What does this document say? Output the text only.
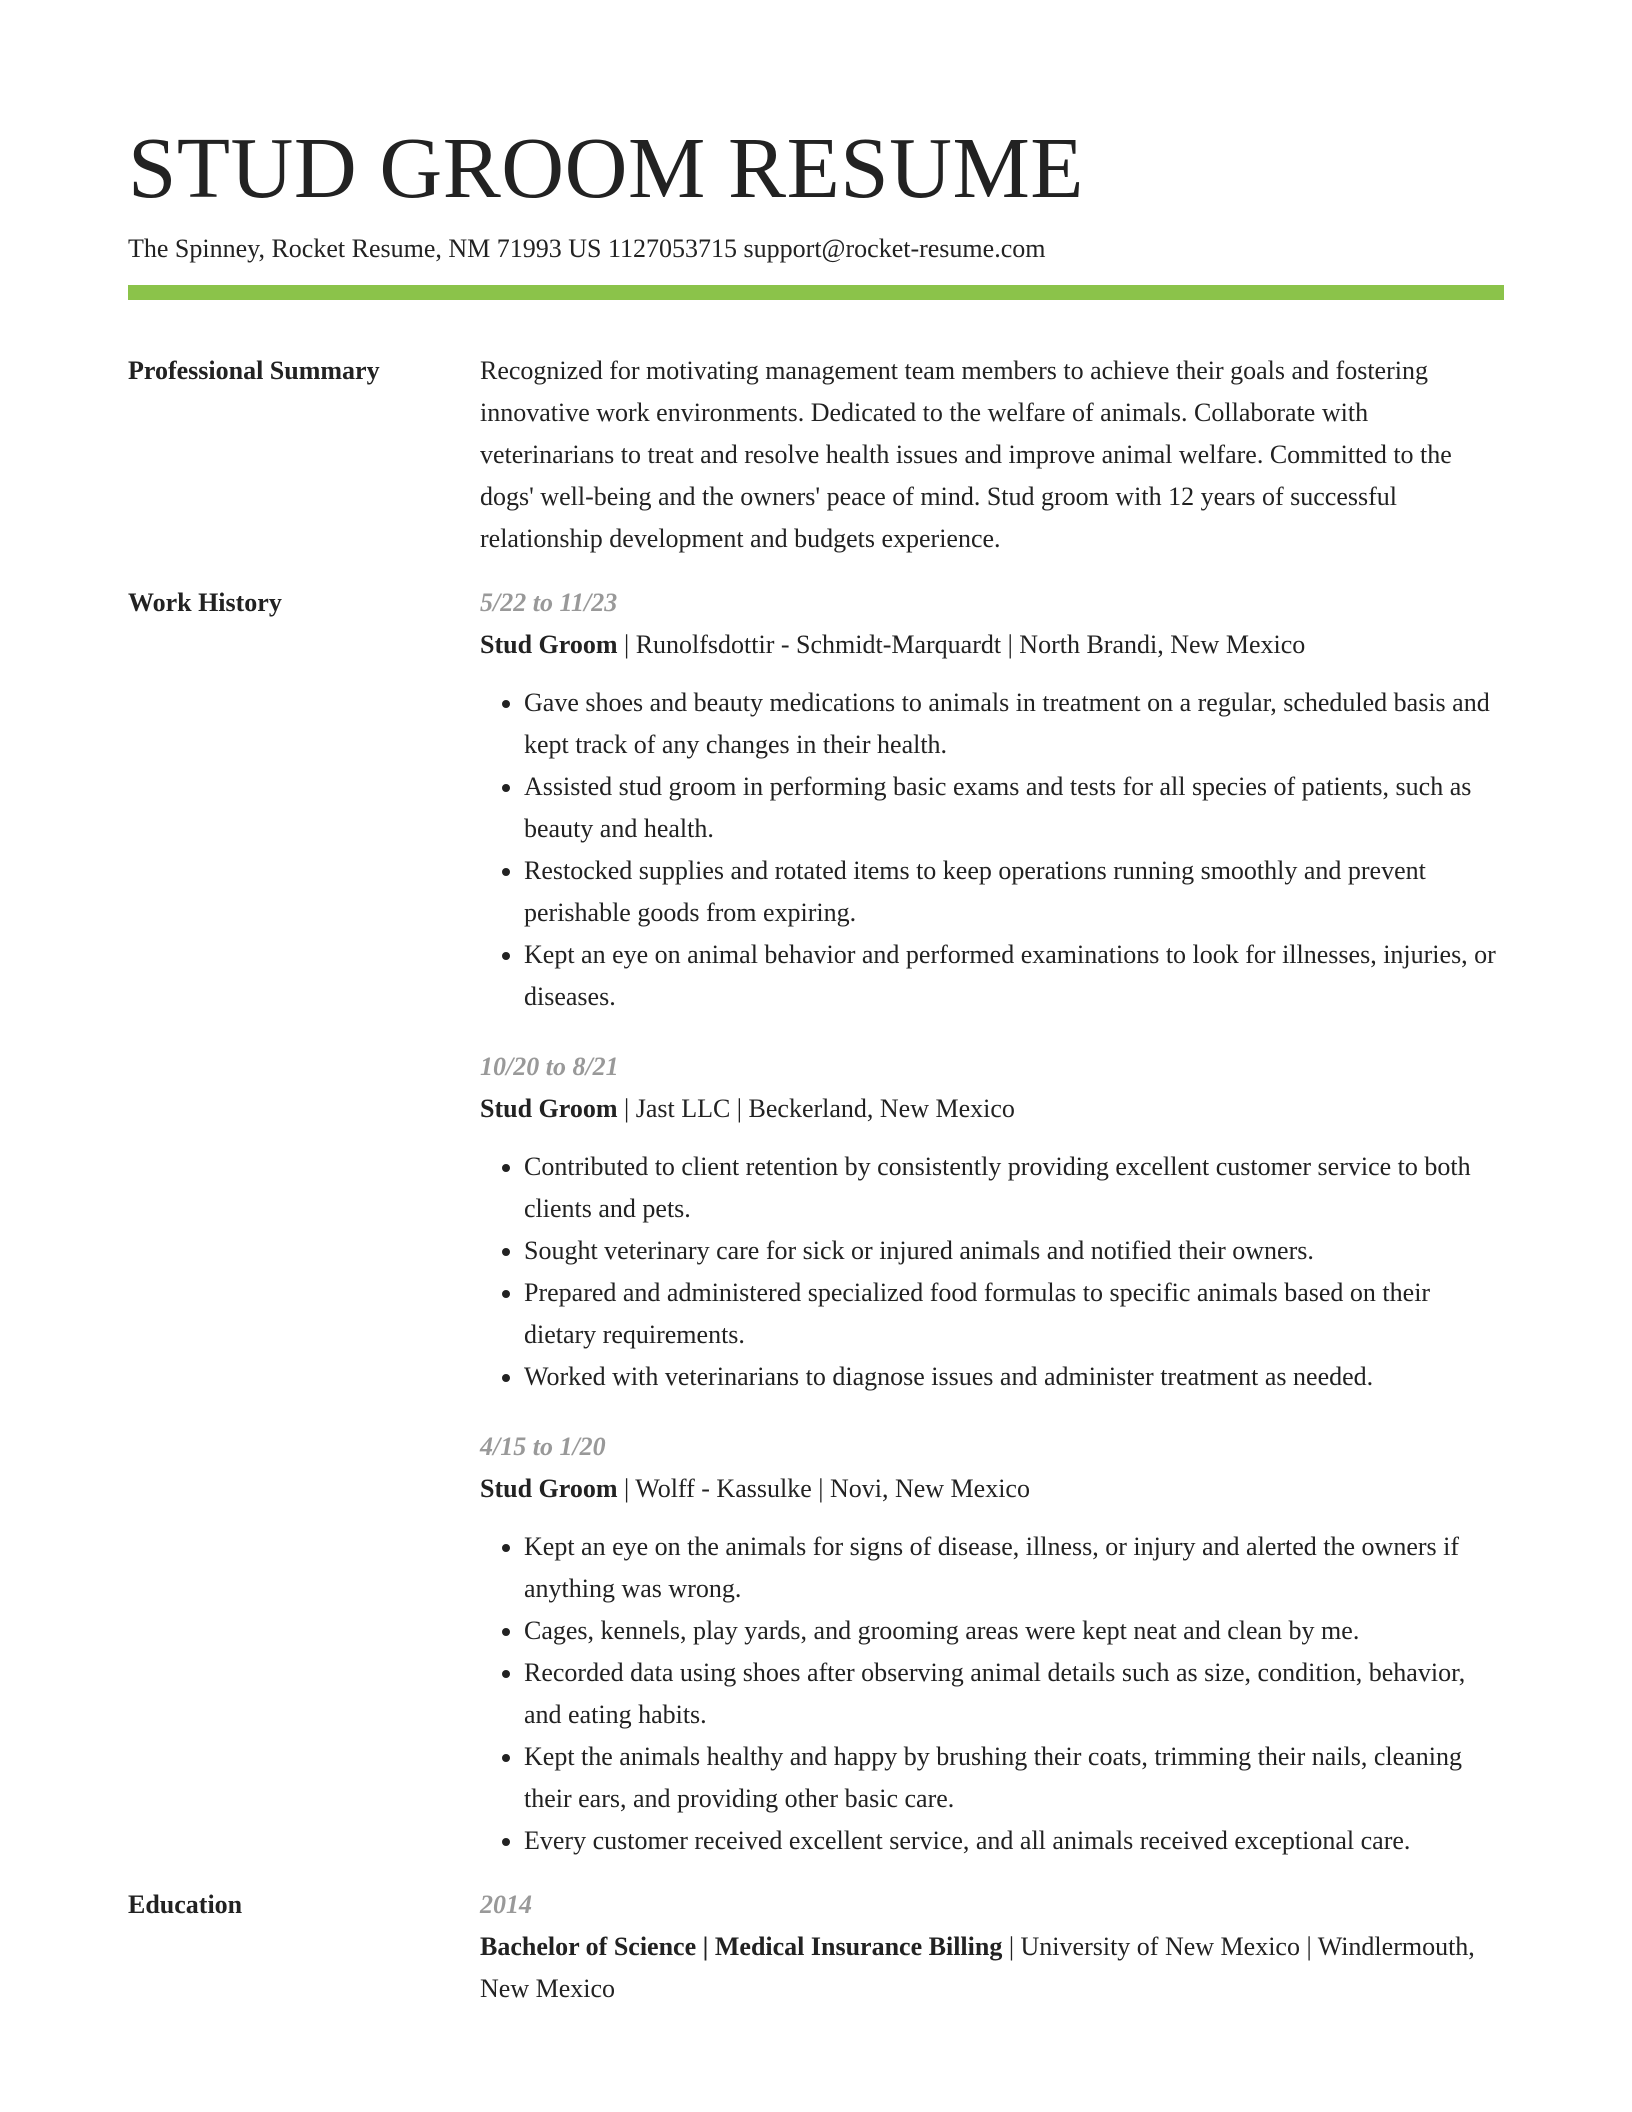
STUD GROOM RESUME
The Spinney, Rocket Resume, NM 71993 US 1127053715 support@rocket-resume.com
Professional Summary	Recognized for motivating management team members to achieve their goals and fostering innovative work environments. Dedicated to the welfare of animals. Collaborate with veterinarians to treat and resolve health issues and improve animal welfare. Committed to the dogs' well-being and the owners' peace of mind. Stud groom with 12 years of successful relationship development and budgets experience.

Work History	5/22 to 11/23
Stud Groom | Runolfsdottir - Schmidt-Marquardt | North Brandi, New Mexico
• Gave shoes and beauty medications to animals in treatment on a regular, scheduled basis and kept track of any changes in their health.
• Assisted stud groom in performing basic exams and tests for all species of patients, such as beauty and health.
• Restocked supplies and rotated items to keep operations running smoothly and prevent perishable goods from expiring.
• Kept an eye on animal behavior and performed examinations to look for illnesses, injuries, or diseases.
10/20 to 8/21
Stud Groom | Jast LLC | Beckerland, New Mexico
• Contributed to client retention by consistently providing excellent customer service to both clients and pets.
• Sought veterinary care for sick or injured animals and notified their owners.
• Prepared and administered specialized food formulas to specific animals based on their dietary requirements.
• Worked with veterinarians to diagnose issues and administer treatment as needed.
4/15 to 1/20
Stud Groom | Wolff - Kassulke | Novi, New Mexico
• Kept an eye on the animals for signs of disease, illness, or injury and alerted the owners if anything was wrong.
• Cages, kennels, play yards, and grooming areas were kept neat and clean by me.
• Recorded data using shoes after observing animal details such as size, condition, behavior, and eating habits.
• Kept the animals healthy and happy by brushing their coats, trimming their nails, cleaning their ears, and providing other basic care.
• Every customer received excellent service, and all animals received exceptional care.
Education	2014
Bachelor of Science | Medical Insurance Billing | University of New Mexico | Windlermouth, New Mexico
